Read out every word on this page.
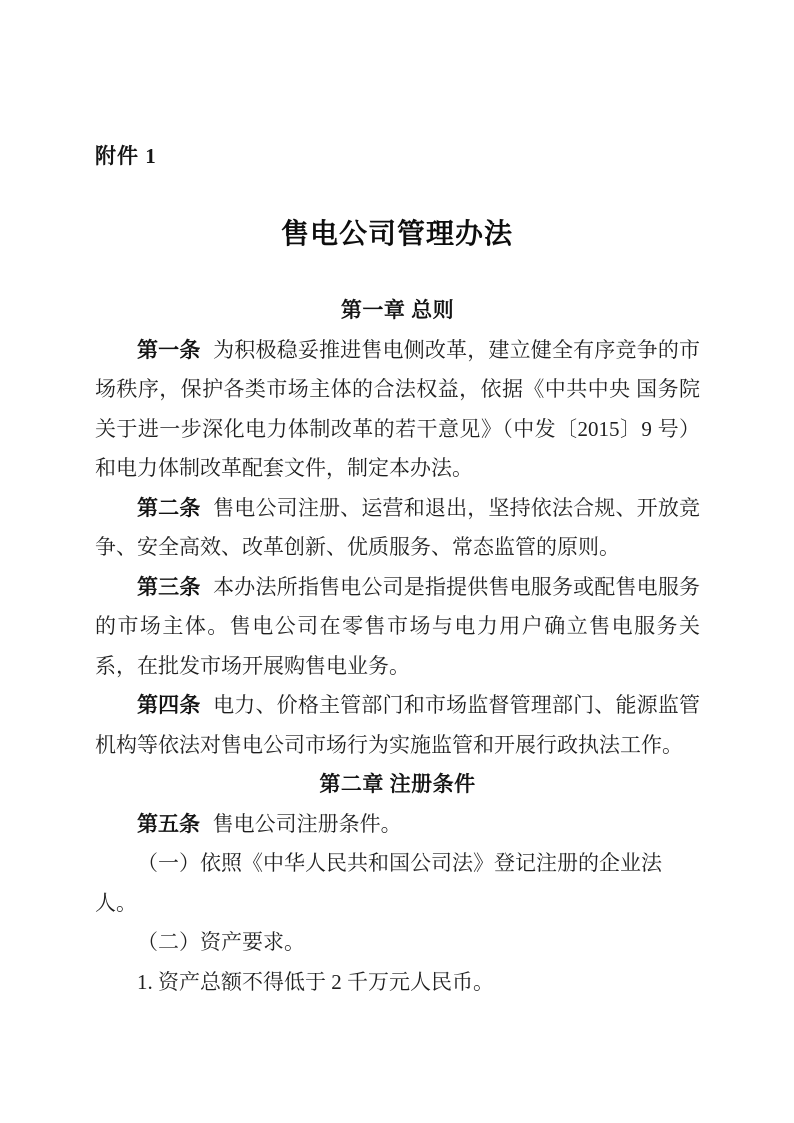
附件 1
售电公司管理办法
第一章 总则

第一条 为积极稳妥推进售电侧改革，建立健全有序竞争的市场秩序，保护各类市场主体的合法权益，依据《中共中央 国务院关于进一步深化电力体制改革的若干意见》（中发〔2015〕9 号）和电力体制改革配套文件，制定本办法。

第二条 售电公司注册、运营和退出，坚持依法合规、开放竞争、安全高效、改革创新、优质服务、常态监管的原则。

第三条 本办法所指售电公司是指提供售电服务或配售电服务的市场主体。售电公司在零售市场与电力用户确立售电服务关系，在批发市场开展购售电业务。

第四条 电力、价格主管部门和市场监督管理部门、能源监管机构等依法对售电公司市场行为实施监管和开展行政执法工作。

第二章 注册条件

第五条 售电公司注册条件。

（一）依照《中华人民共和国公司法》登记注册的企业法人。

（二）资产要求。

1. 资产总额不得低于 2 千万元人民币。
